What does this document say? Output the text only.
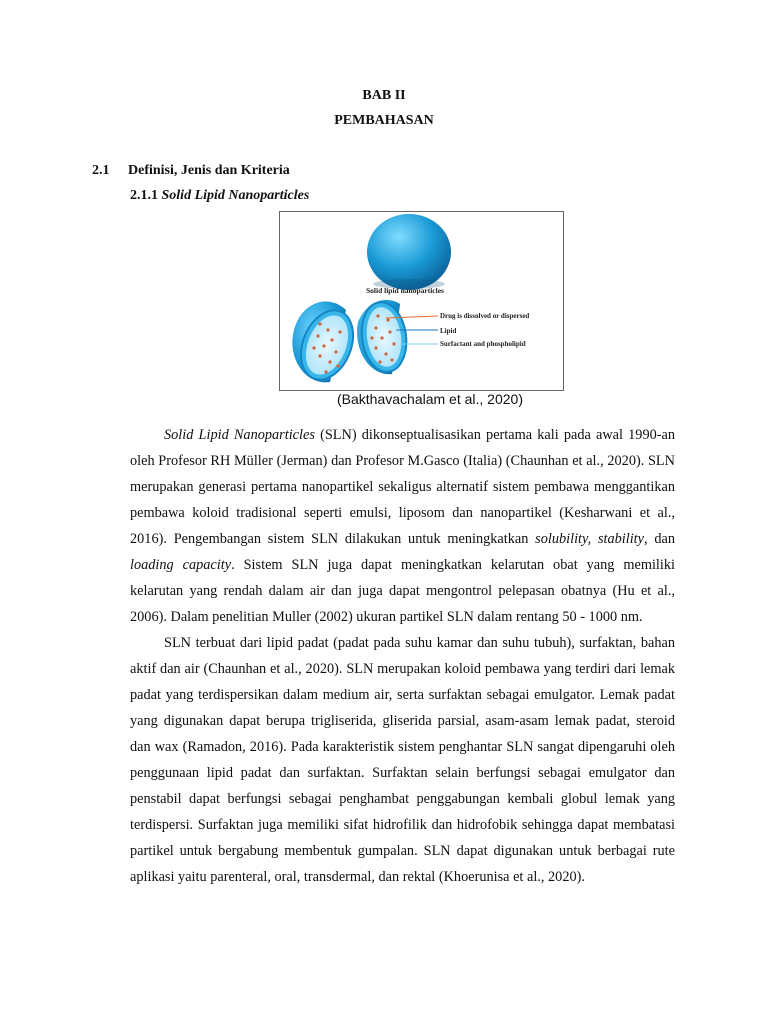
BAB II
PEMBAHASAN
2.1 Definisi, Jenis dan Kriteria
2.1.1 Solid Lipid Nanoparticles
Solid lipid nanoparticles
Drug is dissolved or dispersed
Lipid
Surfactant and phospholipid
(Bakthavachalam et al., 2020)

Solid Lipid Nanoparticles (SLN) dikonseptualisasikan pertama kali pada awal 1990-an oleh Profesor RH Müller (Jerman) dan Profesor M.Gasco (Italia) (Chaunhan et al., 2020). SLN merupakan generasi pertama nanopartikel sekaligus alternatif sistem pembawa menggantikan pembawa koloid tradisional seperti emulsi, liposom dan nanopartikel (Kesharwani et al., 2016). Pengembangan sistem SLN dilakukan untuk meningkatkan solubility, stability, dan loading capacity. Sistem SLN juga dapat meningkatkan kelarutan obat yang memiliki kelarutan yang rendah dalam air dan juga dapat mengontrol pelepasan obatnya (Hu et al., 2006). Dalam penelitian Muller (2002) ukuran partikel SLN dalam rentang 50 - 1000 nm.

SLN terbuat dari lipid padat (padat pada suhu kamar dan suhu tubuh), surfaktan, bahan aktif dan air (Chaunhan et al., 2020). SLN merupakan koloid pembawa yang terdiri dari lemak padat yang terdispersikan dalam medium air, serta surfaktan sebagai emulgator. Lemak padat yang digunakan dapat berupa trigliserida, gliserida parsial, asam-asam lemak padat, steroid dan wax (Ramadon, 2016). Pada karakteristik sistem penghantar SLN sangat dipengaruhi oleh penggunaan lipid padat dan surfaktan. Surfaktan selain berfungsi sebagai emulgator dan penstabil dapat berfungsi sebagai penghambat penggabungan kembali globul lemak yang terdispersi. Surfaktan juga memiliki sifat hidrofilik dan hidrofobik sehingga dapat membatasi partikel untuk bergabung membentuk gumpalan. SLN dapat digunakan untuk berbagai rute aplikasi yaitu parenteral, oral, transdermal, dan rektal (Khoerunisa et al., 2020).
